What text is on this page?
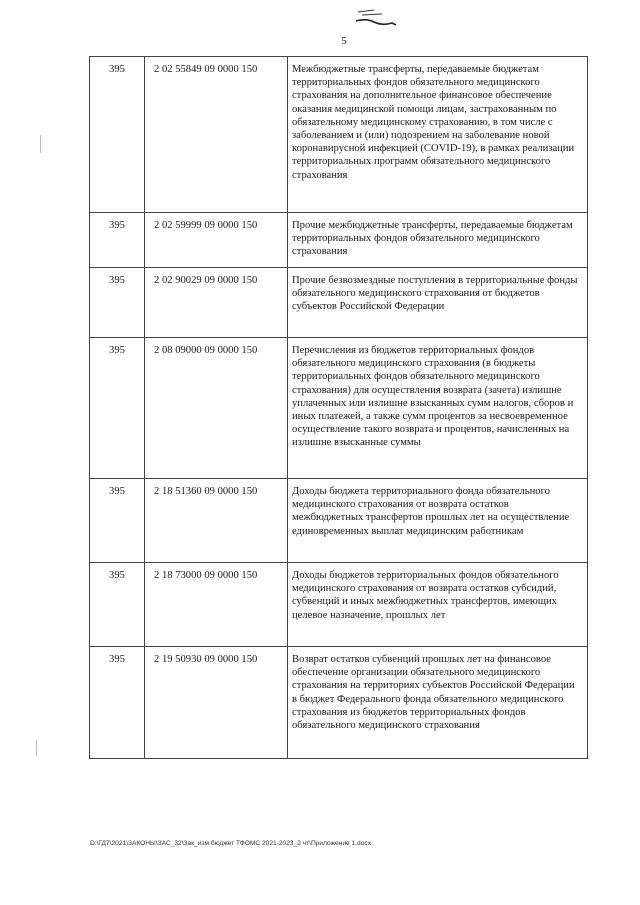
5
395	2 02 55849 09 0000 150	Межбюджетные трансферты, передаваемые бюджетам территориальных фондов обязательного медицинского страхования на дополнительное финансовое обеспечение оказания медицинской помощи лицам, застрахованным по обязательному медицинскому страхованию, в том числе с заболеванием и (или) подозрением на заболевание новой коронавирусной инфекцией (COVID-19), в рамках реализации территориальных программ обязательного медицинского страхования
395	2 02 59999 09 0000 150	Прочие межбюджетные трансферты, передаваемые бюджетам территориальных фондов обязательного медицинского страхования
395	2 02 90029 09 0000 150	Прочие безвозмездные поступления в территориальные фонды обязательного медицинского страхования от бюджетов субъектов Российской Федерации
395	2 08 09000 09 0000 150	Перечисления из бюджетов территориальных фондов обязательного медицинского страхования (в бюджеты территориальных фондов обязательного медицинского страхования) для осуществления возврата (зачета) излишне уплаченных или излишне взысканных сумм налогов, сборов и иных платежей, а также сумм процентов за несвоевременное осуществление такого возврата и процентов, начисленных на излишне взысканные суммы
395	2 18 51360 09 0000 150	Доходы бюджета территориального фонда обязательного медицинского страхования от возврата остатков межбюджетных трансфертов прошлых лет на осуществление единовременных выплат медицинским работникам
395	2 18 73000 09 0000 150	Доходы бюджетов территориальных фондов обязательного медицинского страхования от возврата остатков субсидий, субвенций и иных межбюджетных трансфертов, имеющих целевое назначение, прошлых лет
395	2 19 50930 09 0000 150	Возврат остатков субвенций прошлых лет на финансовое обеспечение организации обязательного медицинского страхования на территориях субъектов Российской Федерации в бюджет Федерального фонда обязательного медицинского страхования из бюджетов территориальных фондов обязательного медицинского страхования
D:\ГД7\2021\ЗАКОНЫ\ЗАС_32\Зак_изм.бюджет ТФОМС 2021-2023_2 чт\Приложение 1.docx
